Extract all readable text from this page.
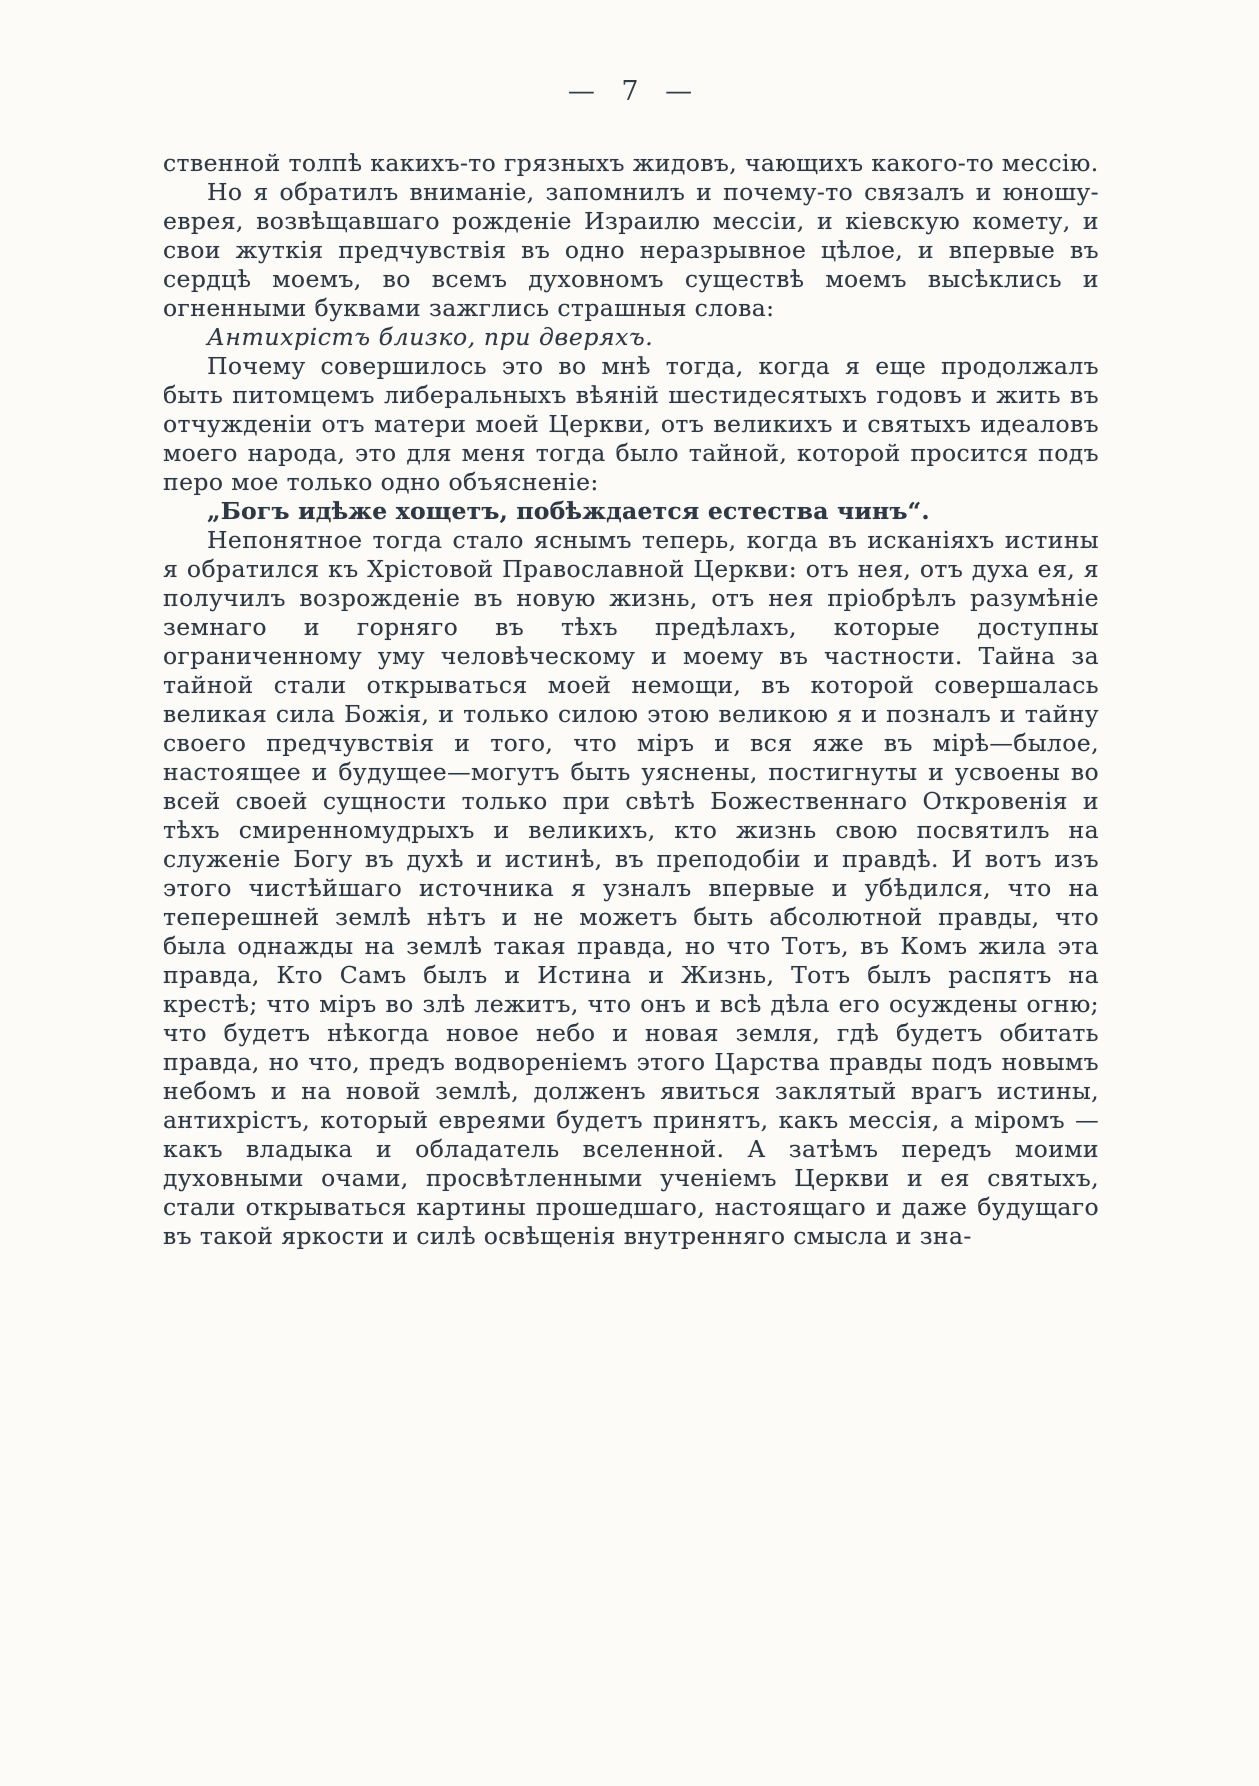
— 7 —

ственной толпѣ какихъ-то грязныхъ жидовъ, чающихъ какого-то мессію.

Но я обратилъ вниманіе, запомнилъ и почему-то связалъ и юношу-еврея, возвѣщавшаго рожденіе Израилю мессіи, и кіевскую комету, и свои жуткія предчувствія въ одно неразрывное цѣлое, и впервые въ сердцѣ моемъ, во всемъ духовномъ существѣ моемъ высѣклись и огненными буквами зажглись страшныя слова:

Антихрістъ близко, при дверяхъ.

Почему совершилось это во мнѣ тогда, когда я еще продолжалъ быть питомцемъ либеральныхъ вѣяній шестидесятыхъ годовъ и жить въ отчужденіи отъ матери моей Церкви, отъ великихъ и святыхъ идеаловъ моего народа, это для меня тогда было тайной, которой просится подъ перо мое только одно объясненіе:

„Богъ идѣже хощетъ, побѣждается естества чинъ“.

Непонятное тогда стало яснымъ теперь, когда въ исканіяхъ истины я обратился къ Хрістовой Православной Церкви: отъ нея, отъ духа ея, я получилъ возрожденіе въ новую жизнь, отъ нея пріобрѣлъ разумѣніе земнаго и горняго въ тѣхъ предѣлахъ, которые доступны ограниченному уму человѣческому и моему въ частности. Тайна за тайной стали открываться моей немощи, въ которой совершалась великая сила Божія, и только силою этою великою я и позналъ и тайну своего предчувствія и того, что міръ и вся яже въ мірѣ—былое, настоящее и будущее—могутъ быть уяснены, постигнуты и усвоены во всей своей сущности только при свѣтѣ Божественнаго Откровенія и тѣхъ смиренномудрыхъ и великихъ, кто жизнь свою посвятилъ на служеніе Богу въ духѣ и истинѣ, въ преподобіи и правдѣ. И вотъ изъ этого чистѣйшаго источника я узналъ впервые и убѣдился, что на теперешней землѣ нѣтъ и не можетъ быть абсолютной правды, что была однажды на землѣ такая правда, но что Тотъ, въ Комъ жила эта правда, Кто Самъ былъ и Истина и Жизнь, Тотъ былъ распятъ на крестѣ; что міръ во злѣ лежитъ, что онъ и всѣ дѣла его осуждены огню; что будетъ нѣкогда новое небо и новая земля, гдѣ будетъ обитать правда, но что, предъ водвореніемъ этого Царства правды подъ новымъ небомъ и на новой землѣ, долженъ явиться заклятый врагъ истины, антихрістъ, который евреями будетъ принятъ, какъ мессія, а міромъ — какъ владыка и обладатель вселенной. А затѣмъ передъ моими духовными очами, просвѣтленными ученіемъ Церкви и ея святыхъ, стали открываться картины прошедшаго, настоящаго и даже будущаго въ такой яркости и силѣ освѣщенія внутренняго смысла и зна-
